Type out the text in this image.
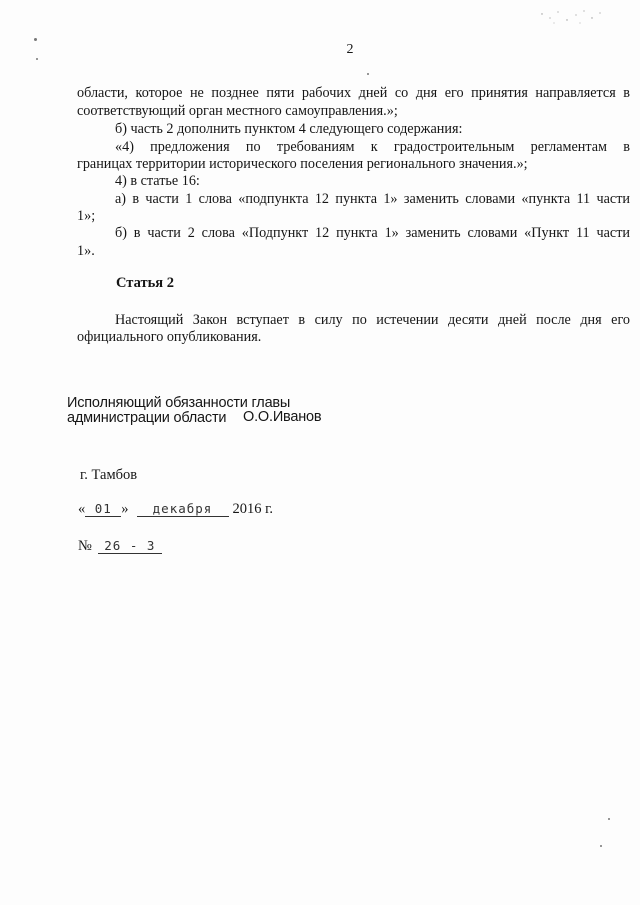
2
области, которое не позднее пяти рабочих дней со дня его принятия направляется в
соответствующий орган местного самоуправления.»;
б) часть 2 дополнить пунктом 4 следующего содержания:
«4) предложения по требованиям к градостроительным регламентам в
границах территории исторического поселения регионального значения.»;
4) в статье 16:
а) в части 1 слова «подпункта 12 пункта 1» заменить словами «пункта 11 части
1»;
б) в части 2 слова «Подпункт 12 пункта 1» заменить словами «Пункт 11 части
1».
Статья 2
Настоящий Закон вступает в силу по истечении десяти дней после дня его
официального опубликования.
Исполняющий обязанности главы
администрации области О.О.Иванов
г. Тамбов
« 01 » декабря 2016 г.
№ 26 - 3
